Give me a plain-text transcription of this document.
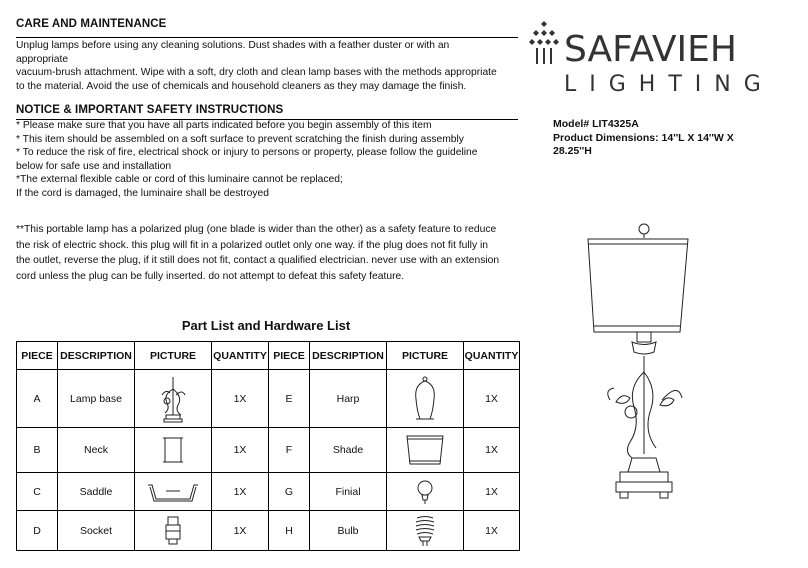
CARE AND MAINTENANCE
Unplug lamps before using any cleaning solutions. Dust shades with a feather duster or with an
appropriate
vacuum-brush attachment. Wipe with a soft, dry cloth and clean lamp bases with the methods appropriate
to the material. Avoid the use of chemicals and household cleaners as they may damage the finish.
NOTICE & IMPORTANT SAFETY INSTRUCTIONS
* Please make sure that you have all parts indicated before you begin assembly of this item
* This item should be assembled on a soft surface to prevent scratching the finish during assembly
* To reduce the risk of fire, electrical shock or injury to persons or property, please follow the guideline
below for safe use and installation
*The external flexible cable or cord of this luminaire cannot be replaced;
If the cord is damaged, the luminaire shall be destroyed
**This portable lamp has a polarized plug (one blade is wider than the other) as a safety feature to reduce
the risk of electric shock. this plug will fit in a polarized outlet only one way. if the plug does not fit fully in
the outlet, reverse the plug, if it still does not fit, contact a qualified electrician. never use with an extension
cord unless the plug can be fully inserted. do not attempt to defeat this safety feature.
SAFAVIEH
LIGHTING
Model# LIT4325A
Product Dimensions: 14''L X 14''W X
28.25''H
Part List and Hardware List
PIECE	DESCRIPTION	PICTURE	QUANTITY	PIECE	DESCRIPTION	PICTURE	QUANTITY
A	Lamp base		1X	E	Harp		1X
B	Neck		1X	F	Shade		1X
C	Saddle		1X	G	Finial		1X
D	Socket		1X	H	Bulb		1X
